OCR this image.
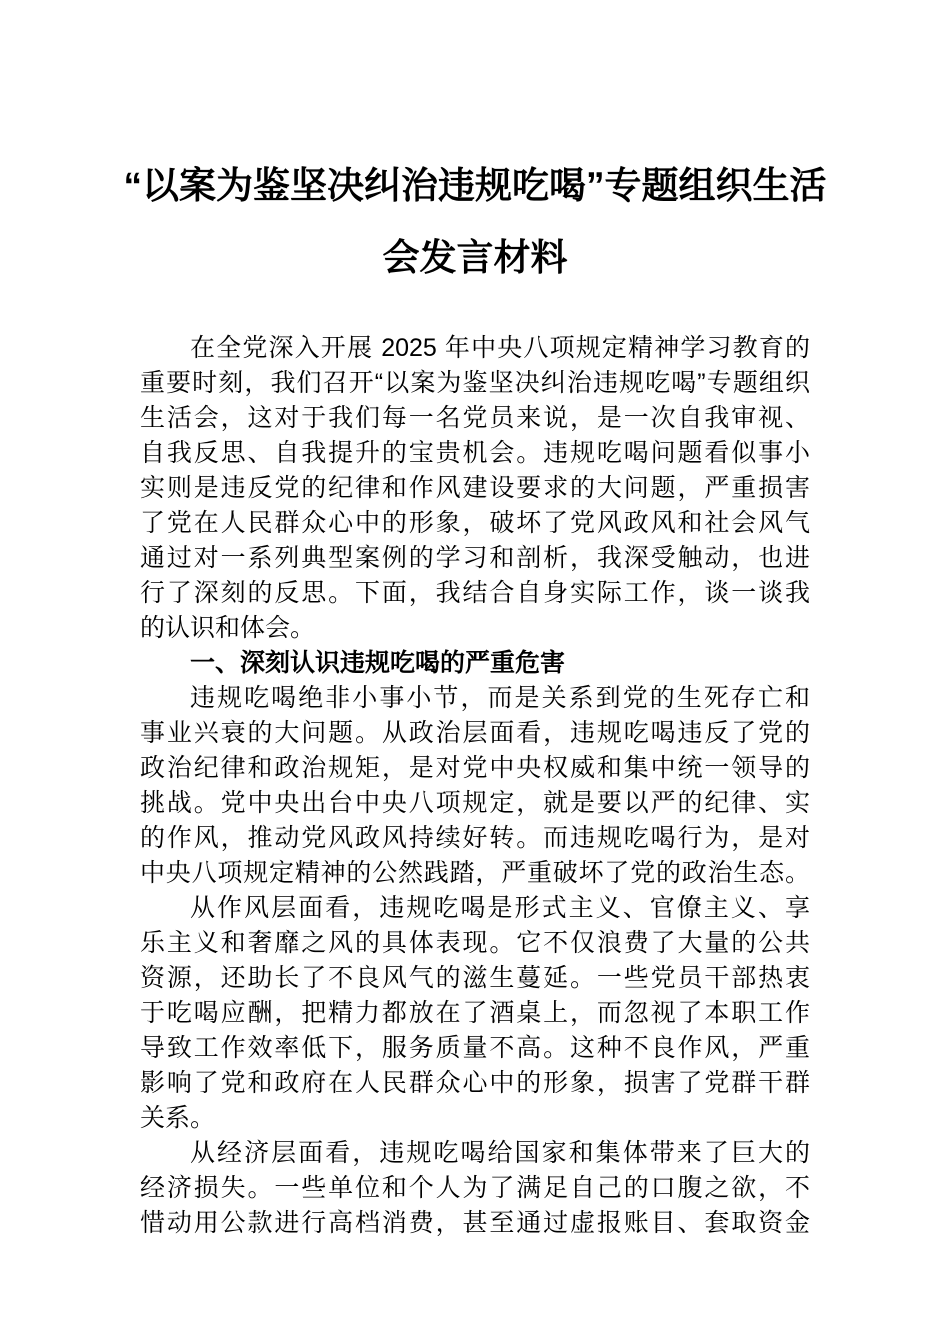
“以案为鉴坚决纠治违规吃喝”专题组织生活
会发言材料
在全党深入开展 2025 年中央八项规定精神学习教育的
重要时刻，我们召开“以案为鉴坚决纠治违规吃喝”专题组织
生活会，这对于我们每一名党员来说，是一次自我审视、
自我反思、自我提升的宝贵机会。违规吃喝问题看似事小
实则是违反党的纪律和作风建设要求的大问题，严重损害
了党在人民群众心中的形象，破坏了党风政风和社会风气
通过对一系列典型案例的学习和剖析，我深受触动，也进
行了深刻的反思。下面，我结合自身实际工作，谈一谈我
的认识和体会。
一、深刻认识违规吃喝的严重危害
违规吃喝绝非小事小节，而是关系到党的生死存亡和
事业兴衰的大问题。从政治层面看，违规吃喝违反了党的
政治纪律和政治规矩，是对党中央权威和集中统一领导的
挑战。党中央出台中央八项规定，就是要以严的纪律、实
的作风，推动党风政风持续好转。而违规吃喝行为，是对
中央八项规定精神的公然践踏，严重破坏了党的政治生态。
从作风层面看，违规吃喝是形式主义、官僚主义、享
乐主义和奢靡之风的具体表现。它不仅浪费了大量的公共
资源，还助长了不良风气的滋生蔓延。一些党员干部热衷
于吃喝应酬，把精力都放在了酒桌上，而忽视了本职工作
导致工作效率低下，服务质量不高。这种不良作风，严重
影响了党和政府在人民群众心中的形象，损害了党群干群
关系。
从经济层面看，违规吃喝给国家和集体带来了巨大的
经济损失。一些单位和个人为了满足自己的口腹之欲，不
惜动用公款进行高档消费，甚至通过虚报账目、套取资金
